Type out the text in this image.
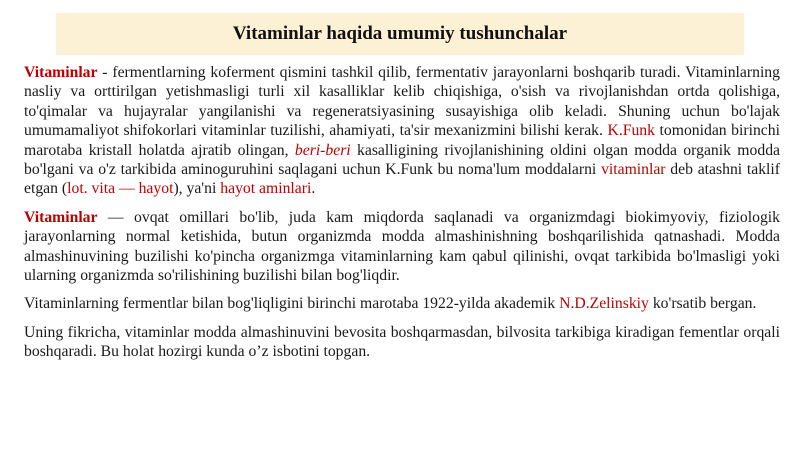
Vitaminlar haqida umumiy tushunchalar

Vitaminlar - fermentlarning koferment qismini tashkil qilib, fermentativ jarayonlarni boshqarib turadi. Vitaminlarning nasliy va orttirilgan yetishmasligi turli xil kasalliklar kelib chiqishiga, o'sish va rivojlanishdan ortda qolishiga, to'qimalar va hujayralar yangilanishi va regeneratsiyasining susayishiga olib keladi. Shuning uchun bo'lajak umumamaliyot shifokorlari vitaminlar tuzilishi, ahamiyati, ta'sir mexanizmini bilishi kerak. K.Funk tomonidan birinchi marotaba kristall holatda ajratib olingan, beri-beri kasalligining rivojlanishining oldini olgan modda organik modda bo'lgani va o'z tarkibida aminoguruhini saqlagani uchun K.Funk bu noma'lum moddalarni vitaminlar deb atashni taklif etgan (lot. vita — hayot), ya'ni hayot aminlari.

Vitaminlar — ovqat omillari bo'lib, juda kam miqdorda saqlanadi va organizmdagi biokimyoviy, fiziologik jarayonlarning normal ketishida, butun organizmda modda almashinishning boshqarilishida qatnashadi. Modda almashinuvining buzilishi ko'pincha organizmga vitaminlarning kam qabul qilinishi, ovqat tarkibida bo'lmasligi yoki ularning organizmda so'rilishining buzilishi bilan bog'liqdir.

Vitaminlarning fermentlar bilan bog'liqligini birinchi marotaba 1922-yilda akademik N.D.Zelinskiy ko'rsatib bergan.

Uning fikricha, vitaminlar modda almashinuvini bevosita boshqarmasdan, bilvosita tarkibiga kiradigan fementlar orqali boshqaradi. Bu holat hozirgi kunda o’z isbotini topgan.
